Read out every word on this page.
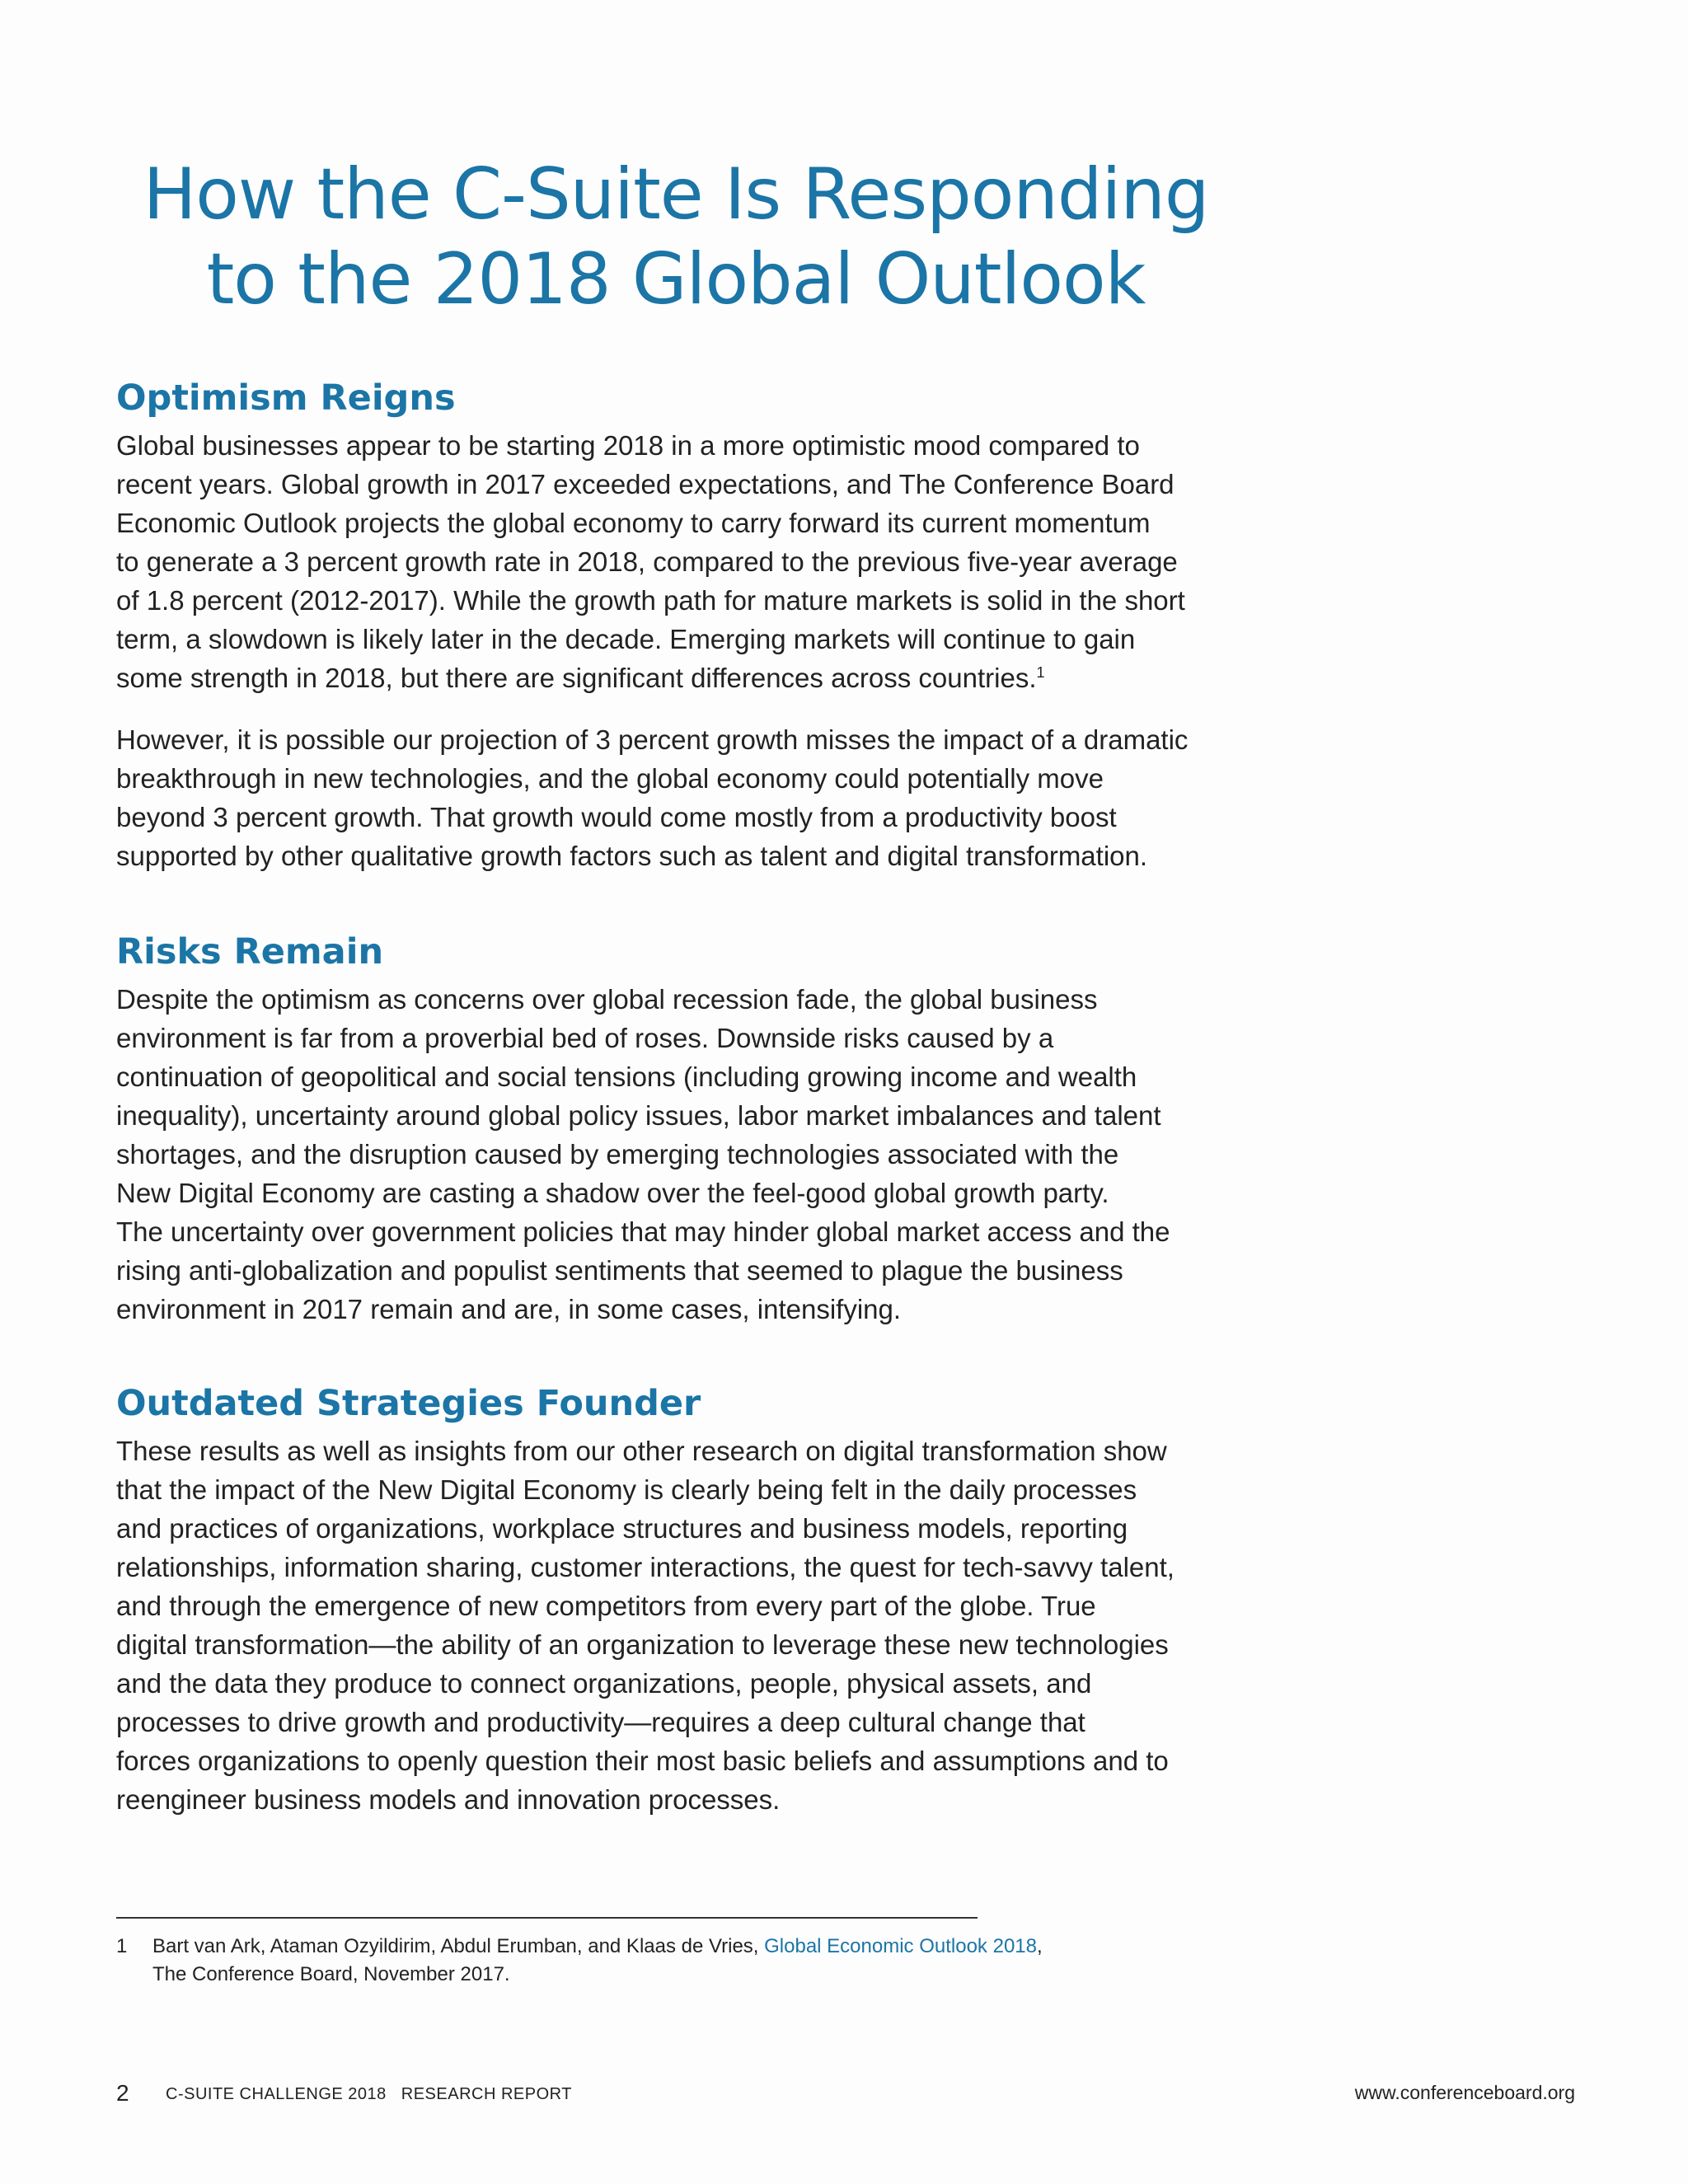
How the C-Suite Is Responding
to the 2018 Global Outlook
Optimism Reigns

Global businesses appear to be starting 2018 in a more optimistic mood compared to
recent years. Global growth in 2017 exceeded expectations, and The Conference Board
Economic Outlook projects the global economy to carry forward its current momentum
to generate a 3 percent growth rate in 2018, compared to the previous five-year average
of 1.8 percent (2012-2017). While the growth path for mature markets is solid in the short
term, a slowdown is likely later in the decade. Emerging markets will continue to gain
some strength in 2018, but there are significant differences across countries.$^1$

However, it is possible our projection of 3 percent growth misses the impact of a dramatic
breakthrough in new technologies, and the global economy could potentially move
beyond 3 percent growth. That growth would come mostly from a productivity boost
supported by other qualitative growth factors such as talent and digital transformation.

Risks Remain

Despite the optimism as concerns over global recession fade, the global business
environment is far from a proverbial bed of roses. Downside risks caused by a
continuation of geopolitical and social tensions (including growing income and wealth
inequality), uncertainty around global policy issues, labor market imbalances and talent
shortages, and the disruption caused by emerging technologies associated with the
New Digital Economy are casting a shadow over the feel-good global growth party.
The uncertainty over government policies that may hinder global market access and the
rising anti-globalization and populist sentiments that seemed to plague the business
environment in 2017 remain and are, in some cases, intensifying.

Outdated Strategies Founder

These results as well as insights from our other research on digital transformation show
that the impact of the New Digital Economy is clearly being felt in the daily processes
and practices of organizations, workplace structures and business models, reporting
relationships, information sharing, customer interactions, the quest for tech-savvy talent,
and through the emergence of new competitors from every part of the globe. True
digital transformation—the ability of an organization to leverage these new technologies
and the data they produce to connect organizations, people, physical assets, and
processes to drive growth and productivity—requires a deep cultural change that
forces organizations to openly question their most basic beliefs and assumptions and to
reengineer business models and innovation processes.

1 Bart van Ark, Ataman Ozyildirim, Abdul Erumban, and Klaas de Vries, Global Economic Outlook 2018,
The Conference Board, November 2017.
2 C-SUITE CHALLENGE 2018 RESEARCH REPORT	www.conferenceboard.org
